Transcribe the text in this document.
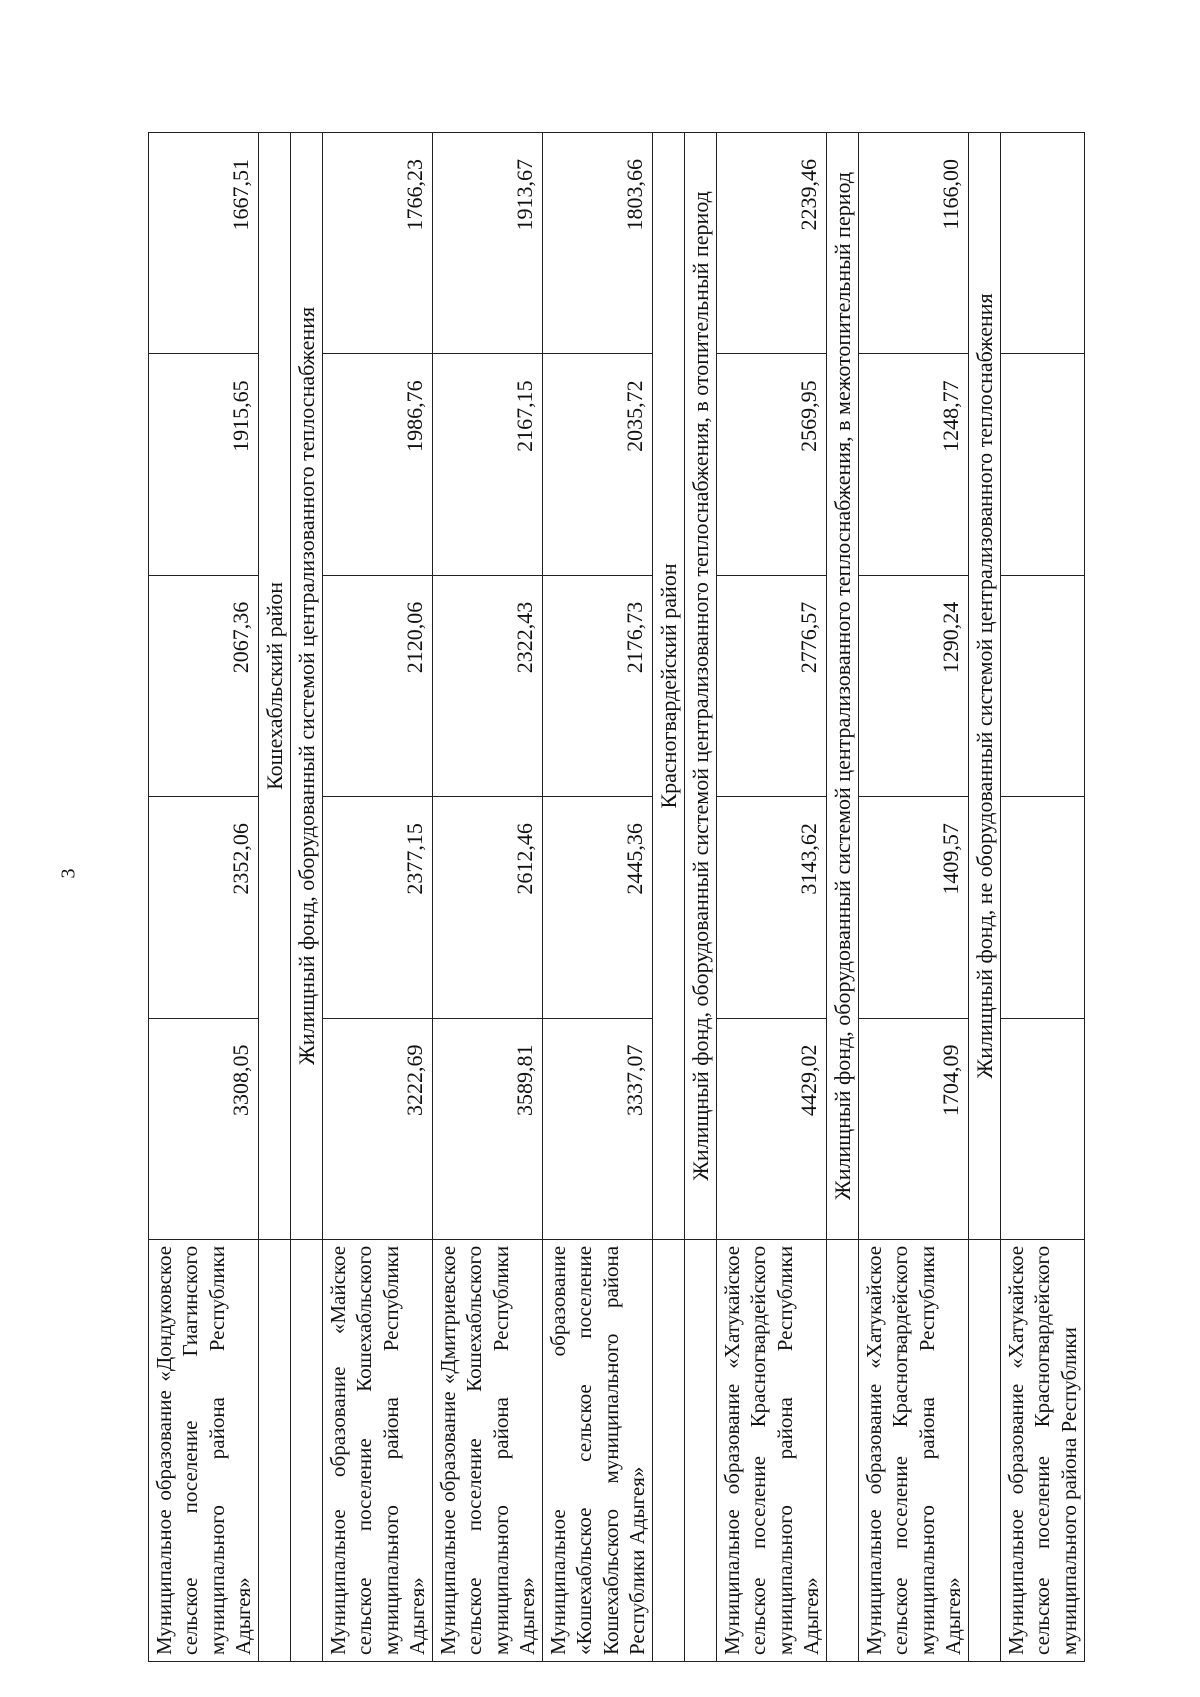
3
Муниципальное образование «Дондуковское сельское поселение Гиагинского муниципального района Республики Адыгея»	3308,05	2352,06	2067,36	1915,65	1667,51
	Кошехабльский район				
	Жилищный фонд, оборудованный системой централизованного теплоснабжения				
Муниципальное образование «Майское сельское поселение Кошехабльского муниципального района Республики Адыгея»	3222,69	2377,15	2120,06	1986,76	1766,23
Муниципальное образование «Дмитриевское сельское поселение Кошехабльского муниципального района Республики Адыгея»	3589,81	2612,46	2322,43	2167,15	1913,67
Муниципальное образование «Кошехабльское сельское поселение Кошехабльского муниципального района Республики Адыгея»	3337,07	2445,36	2176,73	2035,72	1803,66
	Красногвардейский район				
	Жилищный фонд, оборудованный системой централизованного теплоснабжения, в отопительный период				
Муниципальное образование «Хатукайское сельское поселение Красногвардейского муниципального района Республики Адыгея»	4429,02	3143,62	2776,57	2569,95	2239,46
	Жилищный фонд, оборудованный системой централизованного теплоснабжения, в межотопительный период				
Муниципальное образование «Хатукайское сельское поселение Красногвардейского муниципального района Республики Адыгея»	1704,09	1409,57	1290,24	1248,77	1166,00
	Жилищный фонд, не оборудованный системой централизованного теплоснабжения				
Муниципальное образование «Хатукайское сельское поселение Красногвардейского муниципального района Республики					
